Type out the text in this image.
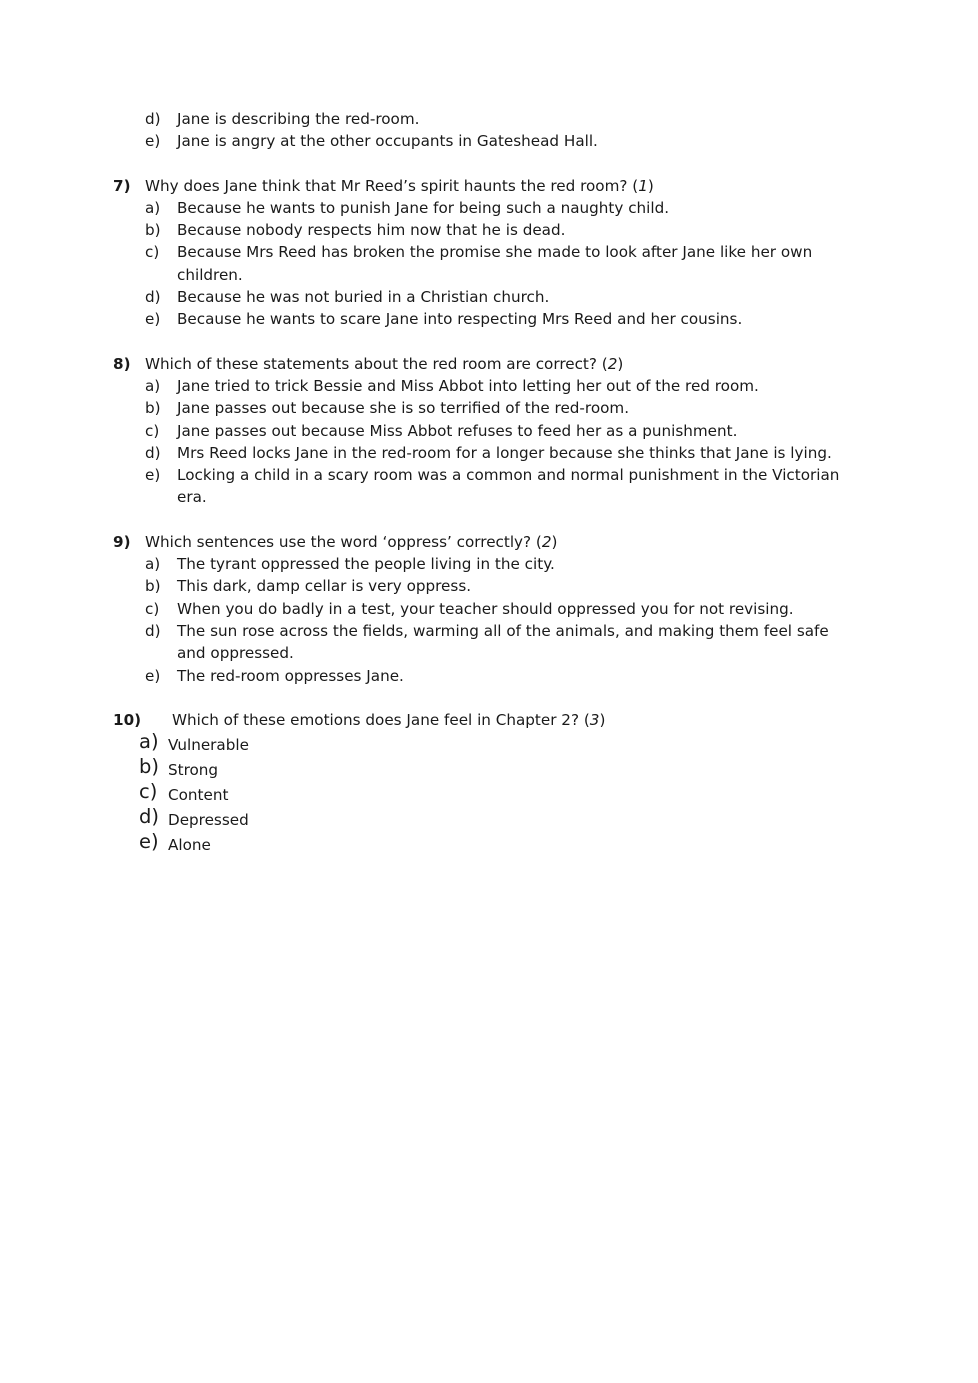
d)	Jane is describing the red-room.
e)	Jane is angry at the other occupants in Gateshead Hall.
7) Why does Jane think that Mr Reed’s spirit haunts the red room? (1)
a)	Because he wants to punish Jane for being such a naughty child.
b)	Because nobody respects him now that he is dead.
c)	Because Mrs Reed has broken the promise she made to look after Jane like her own children.
d)	Because he was not buried in a Christian church.
e)	Because he wants to scare Jane into respecting Mrs Reed and her cousins.
8) Which of these statements about the red room are correct? (2)
a)	Jane tried to trick Bessie and Miss Abbot into letting her out of the red room.
b)	Jane passes out because she is so terrified of the red-room.
c)	Jane passes out because Miss Abbot refuses to feed her as a punishment.
d)	Mrs Reed locks Jane in the red-room for a longer because she thinks that Jane is lying.
e)	Locking a child in a scary room was a common and normal punishment in the Victorian era.
9) Which sentences use the word ‘oppress’ correctly? (2)
a)	The tyrant oppressed the people living in the city.
b)	This dark, damp cellar is very oppress.
c)	When you do badly in a test, your teacher should oppressed you for not revising.
d)	The sun rose across the fields, warming all of the animals, and making them feel safe and oppressed.
e)	The red-room oppresses Jane.
10)	Which of these emotions does Jane feel in Chapter 2? (3)
a) Vulnerable
b) Strong
c) Content
d) Depressed
e) Alone
